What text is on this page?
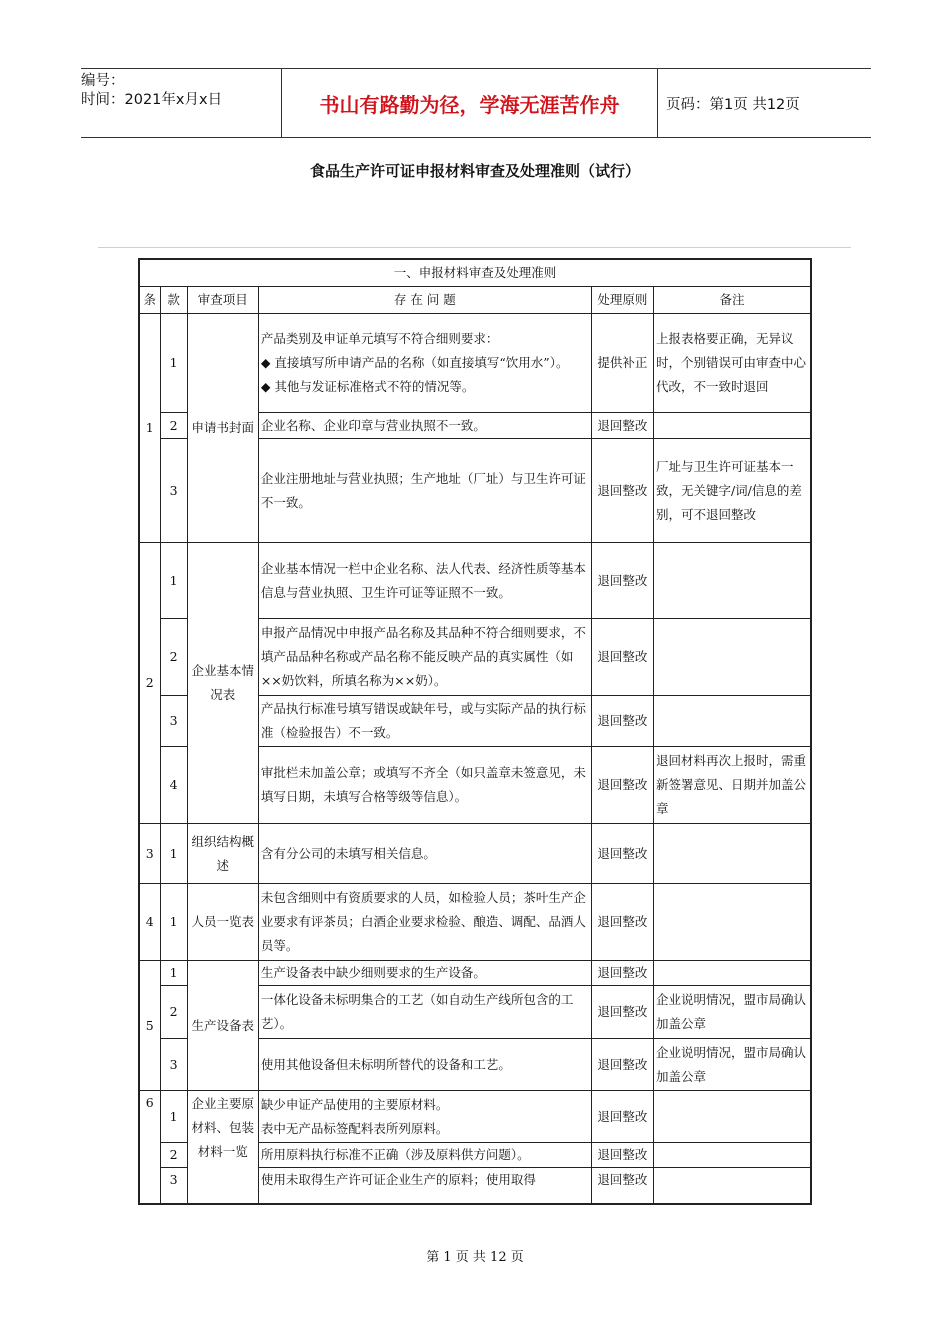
编号：
时间：2021年x月x日	书山有路勤为径，学海无涯苦作舟	页码：第1页 共12页
食品生产许可证申报材料审查及处理准则（试行）
一、申报材料审查及处理准则					
条	款	审查项目	存 在 问 题	处理原则	备注
1	1	申请书封面	产品类别及申证单元填写不符合细则要求：
◆ 直接填写所申请产品的名称（如直接填写“饮用水”）。
◆ 其他与发证标准格式不符的情况等。	提供补正	上报表格要正确，无异议时，个别错误可由审查中心代改，不一致时退回
	2		企业名称、企业印章与营业执照不一致。	退回整改	
	3		企业注册地址与营业执照；生产地址（厂址）与卫生许可证不一致。	退回整改	厂址与卫生许可证基本一致，无关键字/词/信息的差别，可不退回整改
2	1	企业基本情况表	企业基本情况一栏中企业名称、法人代表、经济性质等基本信息与营业执照、卫生许可证等证照不一致。	退回整改	
	2		申报产品情况中申报产品名称及其品种不符合细则要求，不填产品品种名称或产品名称不能反映产品的真实属性（如××奶饮料，所填名称为××奶）。	退回整改	
	3		产品执行标准号填写错误或缺年号，或与实际产品的执行标准（检验报告）不一致。	退回整改	
	4		审批栏未加盖公章；或填写不齐全（如只盖章未签意见，未填写日期，未填写合格等级等信息）。	退回整改	退回材料再次上报时，需重新签署意见、日期并加盖公章
3	1	组织结构概述	含有分公司的未填写相关信息。	退回整改	
4	1	人员一览表	未包含细则中有资质要求的人员，如检验人员；茶叶生产企业要求有评茶员；白酒企业要求检验、酿造、调配、品酒人员等。	退回整改	
5	1	生产设备表	生产设备表中缺少细则要求的生产设备。	退回整改	
	2		一体化设备未标明集合的工艺（如自动生产线所包含的工艺）。	退回整改	企业说明情况，盟市局确认加盖公章
	3		使用其他设备但未标明所替代的设备和工艺。	退回整改	企业说明情况，盟市局确认加盖公章
6	1	企业主要原材料、包装材料一览	缺少申证产品使用的主要原材料。
表中无产品标签配料表所列原料。	退回整改	
	2		所用原料执行标准不正确（涉及原料供方问题）。	退回整改	
	3		使用未取得生产许可证企业生产的原料；使用取得	退回整改	
第 1 页 共 12 页
